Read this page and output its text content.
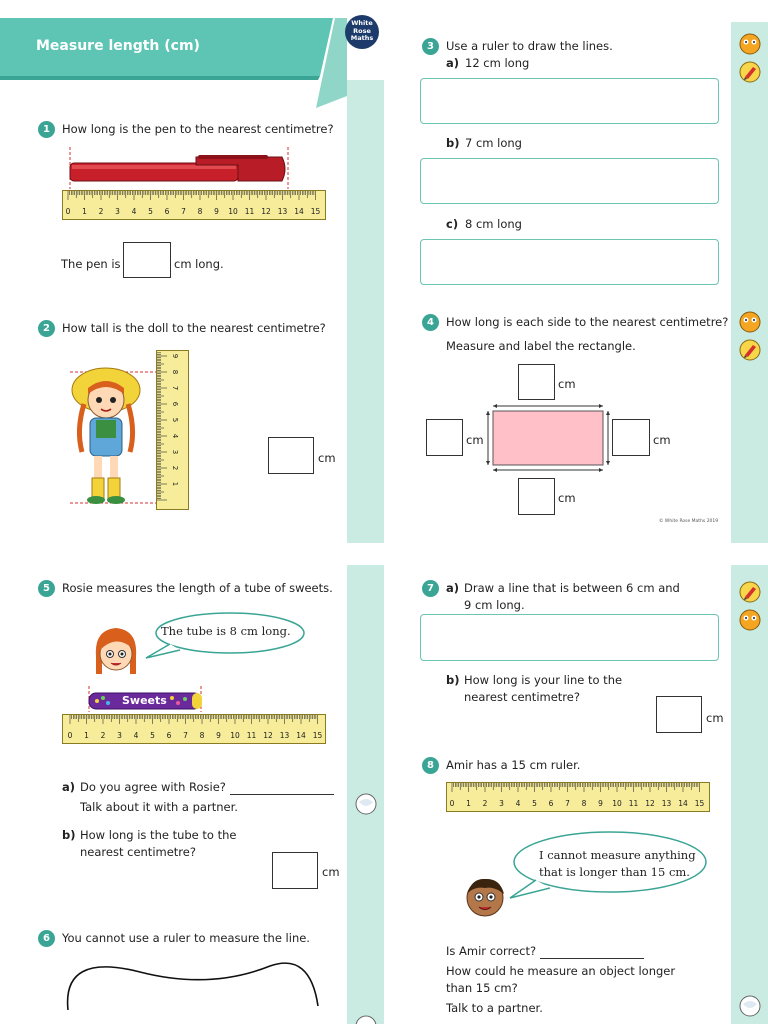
Measure length (cm)
White
Rose
Maths
1	How long is the pen to the nearest centimetre?
0 1 2 3 4 5 6 7 8 9 10 11 12 13 14 15
The pen is	cm long.
2	How tall is the doll to the nearest centimetre?
1
2
3
4
5
6
7
8
9
cm
3	Use a ruler to draw the lines.
a) 12 cm long
b) 7 cm long
c) 8 cm long
4	How long is each side to the nearest centimetre?
Measure and label the rectangle.
cm
cm	cm
cm
© White Rose Maths 2019
5	Rosie measures the length of a tube of sweets.
The tube is 8 cm long.
Sweets
0 1 2 3 4 5 6 7 8 9 10 11 12 13 14 15
a) Do you agree with Rosie?
Talk about it with a partner.
b) How long is the tube to the
nearest centimetre?
cm
6	You cannot use a ruler to measure the line.
7	a) Draw a line that is between 6 cm and
9 cm long.
b) How long is your line to the
nearest centimetre?
cm
8	Amir has a 15 cm ruler.
0 1 2 3 4 5 6 7 8 9 10 11 12 13 14 15
I cannot measure anything
that is longer than 15 cm.
Is Amir correct?
How could he measure an object longer
than 15 cm?
Talk to a partner.
